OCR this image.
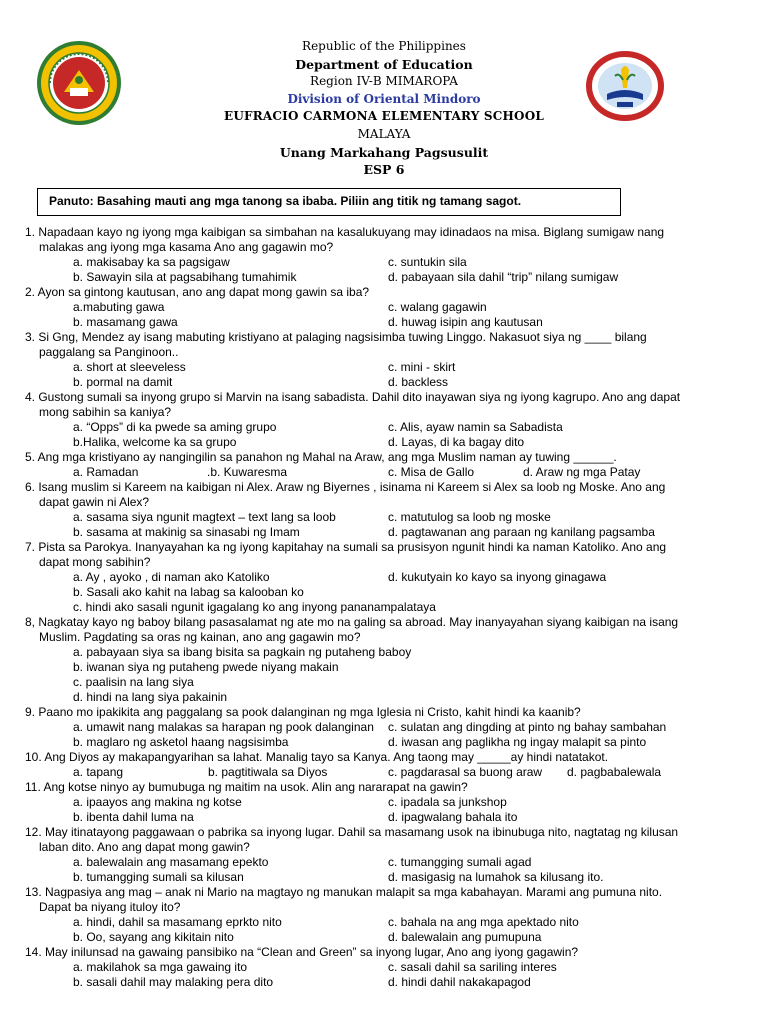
Republic of the Philippines
Department of Education
Region IV-B MIMAROPA
Division of Oriental Mindoro
EUFRACIO CARMONA ELEMENTARY SCHOOL
MALAYA
Unang Markahang Pagsusulit
ESP 6
Panuto: Basahing mauti ang mga tanong sa ibaba. Piliin ang titik ng tamang sagot.
1. Napadaan kayo ng iyong mga kaibigan sa simbahan na kasalukuyang may idinadaos na misa. Biglang sumigaw nang
malakas ang iyong mga kasama Ano ang gagawin mo?
a. makisabay ka sa pagsigaw	c. suntukin sila
b. Sawayin sila at pagsabihang tumahimik	d. pabayaan sila dahil “trip” nilang sumigaw
2. Ayon sa gintong kautusan, ano ang dapat mong gawin sa iba?
a.mabuting gawa	c. walang gagawin
b. masamang gawa	d. huwag isipin ang kautusan
3. Si Gng, Mendez ay isang mabuting kristiyano at palaging nagsisimba tuwing Linggo. Nakasuot siya ng ____ bilang
paggalang sa Panginoon..
a. short at sleeveless	c. mini - skirt
b. pormal na damit	d. backless
4. Gustong sumali sa inyong grupo si Marvin na isang sabadista. Dahil dito inayawan siya ng iyong kagrupo. Ano ang dapat
mong sabihin sa kaniya?
a. “Opps” di ka pwede sa aming grupo	c. Alis, ayaw namin sa Sabadista
b.Halika, welcome ka sa grupo	d. Layas, di ka bagay dito
5. Ang mga kristiyano ay nangingilin sa panahon ng Mahal na Araw, ang mga Muslim naman ay tuwing ______.
a. Ramadan	.b. Kuwaresma	c. Misa de Gallo	d. Araw ng mga Patay
6. Isang muslim si Kareem na kaibigan ni Alex. Araw ng Biyernes , isinama ni Kareem si Alex sa loob ng Moske. Ano ang
dapat gawin ni Alex?
a. sasama siya ngunit magtext – text lang sa loob	c. matutulog sa loob ng moske
b. sasama at makinig sa sinasabi ng Imam	d. pagtawanan ang paraan ng kanilang pagsamba
7. Pista sa Parokya. Inanyayahan ka ng iyong kapitahay na sumali sa prusisyon ngunit hindi ka naman Katoliko. Ano ang
dapat mong sabihin?
a. Ay , ayoko , di naman ako Katoliko	d. kukutyain ko kayo sa inyong ginagawa
b. Sasali ako kahit na labag sa kalooban ko
c. hindi ako sasali ngunit igagalang ko ang inyong pananampalataya
8, Nagkatay kayo ng baboy bilang pasasalamat ng ate mo na galing sa abroad. May inanyayahan siyang kaibigan na isang
Muslim. Pagdating sa oras ng kainan, ano ang gagawin mo?
a. pabayaan siya sa ibang bisita sa pagkain ng putaheng baboy
b. iwanan siya ng putaheng pwede niyang makain
c. paalisin na lang siya
d. hindi na lang siya pakainin
9. Paano mo ipakikita ang paggalang sa pook dalanginan ng mga Iglesia ni Cristo, kahit hindi ka kaanib?
a. umawit nang malakas sa harapan ng pook dalanginan c. sulatan ang dingding at pinto ng bahay sambahan
b. maglaro ng asketol haang nagsisimba	d. iwasan ang paglikha ng ingay malapit sa pinto
10. Ang Diyos ay makapangyarihan sa lahat. Manalig tayo sa Kanya. Ang taong may _____ay hindi natatakot.
a. tapang	b. pagtitiwala sa Diyos	c. pagdarasal sa buong araw d. pagbabalewala
11. Ang kotse ninyo ay bumubuga ng maitim na usok. Alin ang nararapat na gawin?
a. ipaayos ang makina ng kotse	c. ipadala sa junkshop
b. ibenta dahil luma na	d. ipagwalang bahala ito
12. May itinatayong paggawaan o pabrika sa inyong lugar. Dahil sa masamang usok na ibinubuga nito, nagtatag ng kilusan
laban dito. Ano ang dapat mong gawin?
a. balewalain ang masamang epekto	c. tumangging sumali agad
b. tumangging sumali sa kilusan	d. masigasig na lumahok sa kilusang ito.
13. Nagpasiya ang mag – anak ni Mario na magtayo ng manukan malapit sa mga kabahayan. Marami ang pumuna nito.
Dapat ba niyang ituloy ito?
a. hindi, dahil sa masamang eprkto nito	c. bahala na ang mga apektado nito
b. Oo, sayang ang kikitain nito	d. balewalain ang pumupuna
14. May inilunsad na gawaing pansibiko na “Clean and Green” sa inyong lugar, Ano ang iyong gagawin?
a. makilahok sa mga gawaing ito	c. sasali dahil sa sariling interes
b. sasali dahil may malaking pera dito	d. hindi dahil nakakapagod
